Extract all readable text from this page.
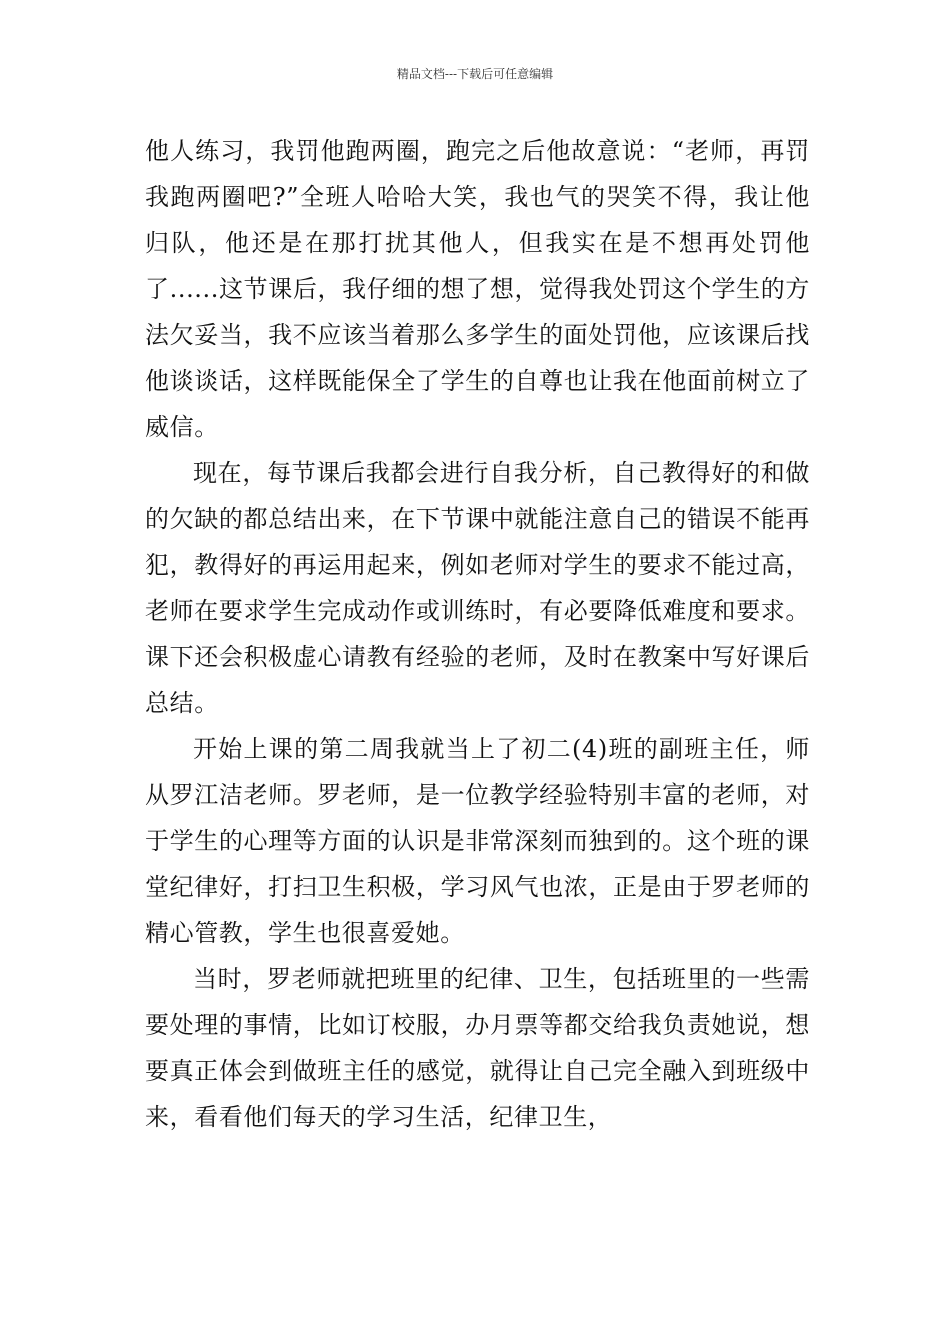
精品文档---下载后可任意编辑

他人练习，我罚他跑两圈，跑完之后他故意说：“老师，再罚我跑两圈吧?”全班人哈哈大笑，我也气的哭笑不得，我让他归队，他还是在那打扰其他人，但我实在是不想再处罚他了......这节课后，我仔细的想了想，觉得我处罚这个学生的方法欠妥当，我不应该当着那么多学生的面处罚他，应该课后找他谈谈话，这样既能保全了学生的自尊也让我在他面前树立了威信。

现在，每节课后我都会进行自我分析，自己教得好的和做的欠缺的都总结出来，在下节课中就能注意自己的错误不能再犯，教得好的再运用起来，例如老师对学生的要求不能过高，老师在要求学生完成动作或训练时，有必要降低难度和要求。课下还会积极虚心请教有经验的老师，及时在教案中写好课后总结。

开始上课的第二周我就当上了初二(4)班的副班主任，师从罗江洁老师。罗老师，是一位教学经验特别丰富的老师，对于学生的心理等方面的认识是非常深刻而独到的。这个班的课堂纪律好，打扫卫生积极，学习风气也浓，正是由于罗老师的精心管教，学生也很喜爱她。

当时，罗老师就把班里的纪律、卫生，包括班里的一些需要处理的事情，比如订校服，办月票等都交给我负责她说，想要真正体会到做班主任的感觉，就得让自己完全融入到班级中来，看看他们每天的学习生活，纪律卫生，
